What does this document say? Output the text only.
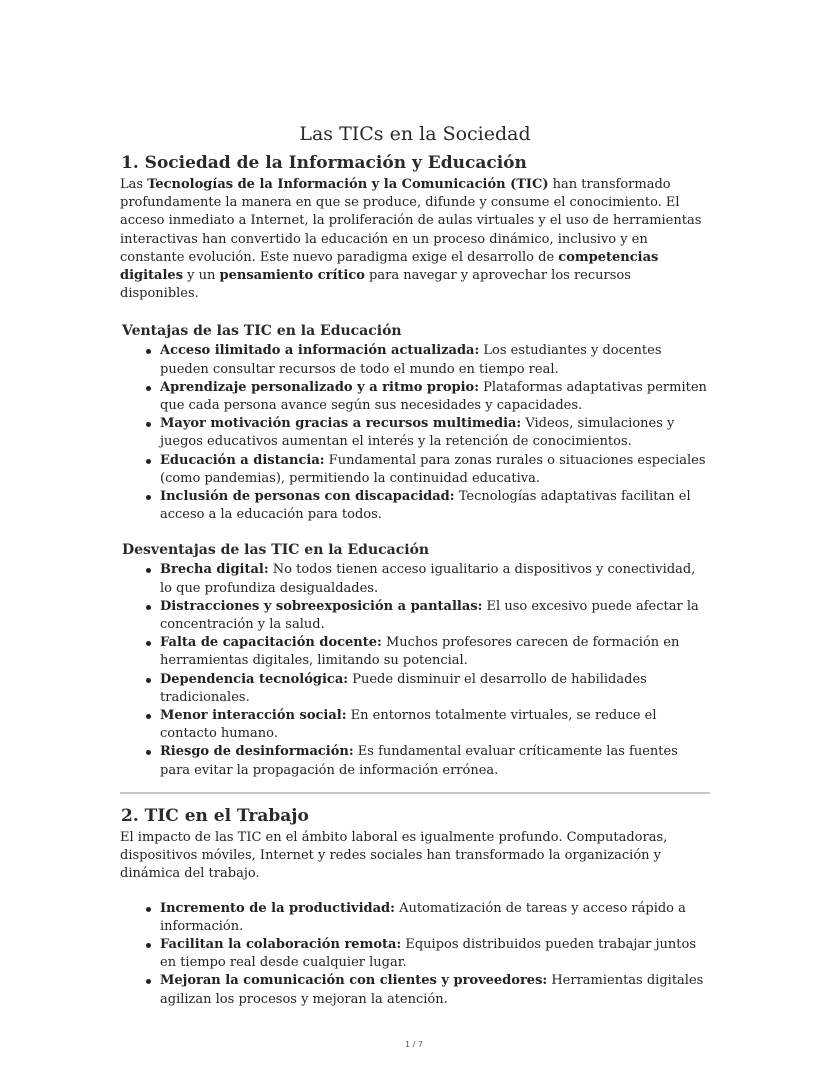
Las TICs en la Sociedad
1. Sociedad de la Información y Educación

Las Tecnologías de la Información y la Comunicación (TIC) han transformado profundamente la manera en que se produce, difunde y consume el conocimiento. El acceso inmediato a Internet, la proliferación de aulas virtuales y el uso de herramientas interactivas han convertido la educación en un proceso dinámico, inclusivo y en constante evolución. Este nuevo paradigma exige el desarrollo de competencias digitales y un pensamiento crítico para navegar y aprovechar los recursos disponibles.

Ventajas de las TIC en la Educación
Acceso ilimitado a información actualizada: Los estudiantes y docentes pueden consultar recursos de todo el mundo en tiempo real.
Aprendizaje personalizado y a ritmo propio: Plataformas adaptativas permiten que cada persona avance según sus necesidades y capacidades.
Mayor motivación gracias a recursos multimedia: Videos, simulaciones y juegos educativos aumentan el interés y la retención de conocimientos.
Educación a distancia: Fundamental para zonas rurales o situaciones especiales (como pandemias), permitiendo la continuidad educativa.
Inclusión de personas con discapacidad: Tecnologías adaptativas facilitan el acceso a la educación para todos.
Desventajas de las TIC en la Educación
Brecha digital: No todos tienen acceso igualitario a dispositivos y conectividad, lo que profundiza desigualdades.
Distracciones y sobreexposición a pantallas: El uso excesivo puede afectar la concentración y la salud.
Falta de capacitación docente: Muchos profesores carecen de formación en herramientas digitales, limitando su potencial.
Dependencia tecnológica: Puede disminuir el desarrollo de habilidades tradicionales.
Menor interacción social: En entornos totalmente virtuales, se reduce el contacto humano.
Riesgo de desinformación: Es fundamental evaluar críticamente las fuentes para evitar la propagación de información errónea.
2. TIC en el Trabajo

El impacto de las TIC en el ámbito laboral es igualmente profundo. Computadoras, dispositivos móviles, Internet y redes sociales han transformado la organización y dinámica del trabajo.

Incremento de la productividad: Automatización de tareas y acceso rápido a información.
Facilitan la colaboración remota: Equipos distribuidos pueden trabajar juntos en tiempo real desde cualquier lugar.
Mejoran la comunicación con clientes y proveedores: Herramientas digitales agilizan los procesos y mejoran la atención.
1 / 7
